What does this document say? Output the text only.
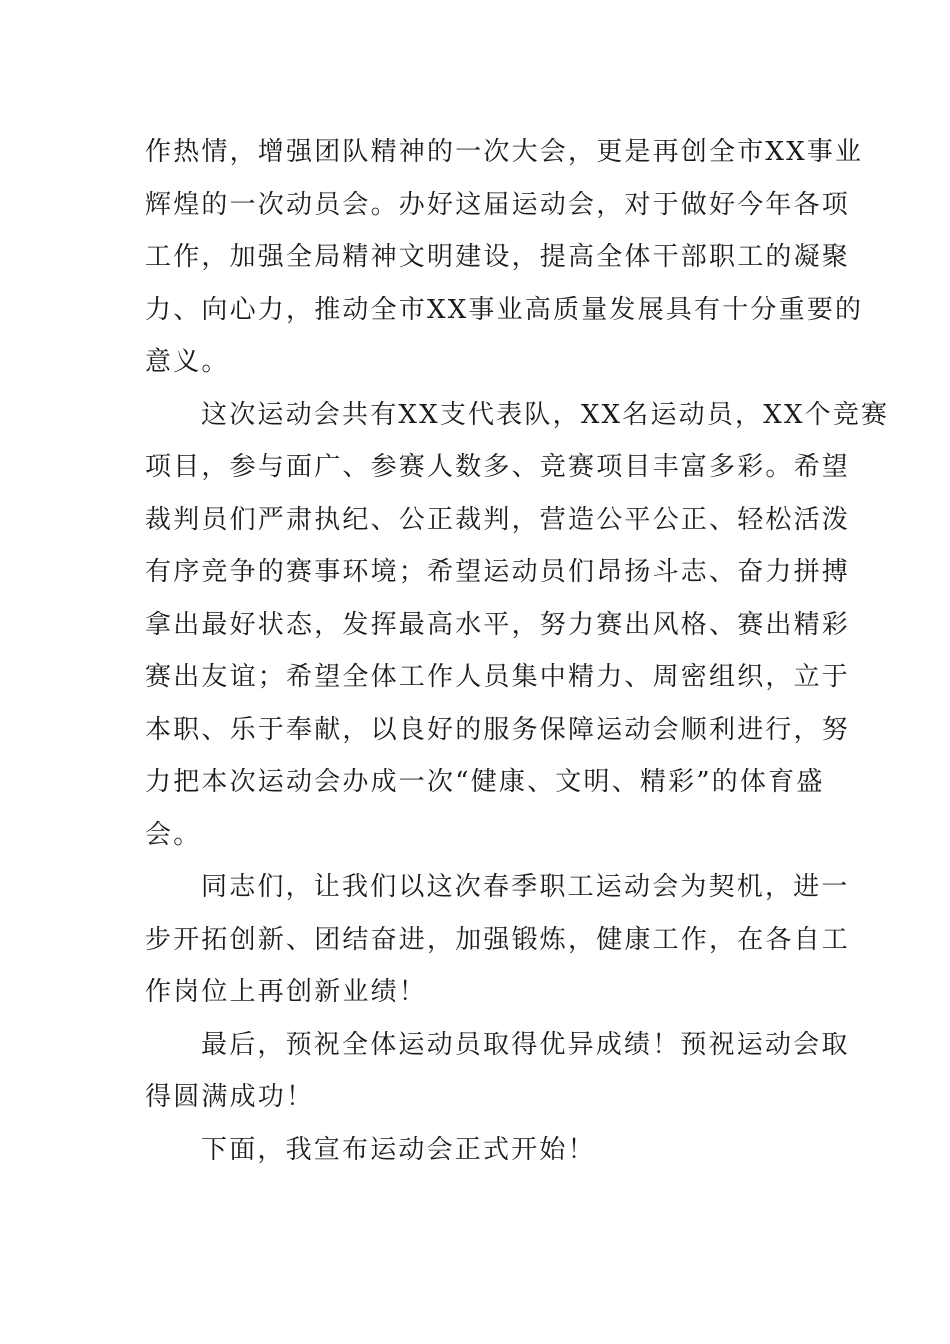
作热情，增强团队精神的一次大会，更是再创全市XX事业
辉煌的一次动员会。办好这届运动会，对于做好今年各项
工作，加强全局精神文明建设，提高全体干部职工的凝聚
力、向心力，推动全市XX事业高质量发展具有十分重要的
意义。
这次运动会共有XX支代表队，XX名运动员，XX个竞赛
项目，参与面广、参赛人数多、竞赛项目丰富多彩。希望
裁判员们严肃执纪、公正裁判，营造公平公正、轻松活泼
有序竞争的赛事环境；希望运动员们昂扬斗志、奋力拼搏
拿出最好状态，发挥最高水平，努力赛出风格、赛出精彩
赛出友谊；希望全体工作人员集中精力、周密组织，立于
本职、乐于奉献，以良好的服务保障运动会顺利进行，努
力把本次运动会办成一次“健康、文明、精彩”的体育盛
会。
同志们，让我们以这次春季职工运动会为契机，进一
步开拓创新、团结奋进，加强锻炼，健康工作，在各自工
作岗位上再创新业绩！
最后，预祝全体运动员取得优异成绩！预祝运动会取
得圆满成功！
下面，我宣布运动会正式开始！
